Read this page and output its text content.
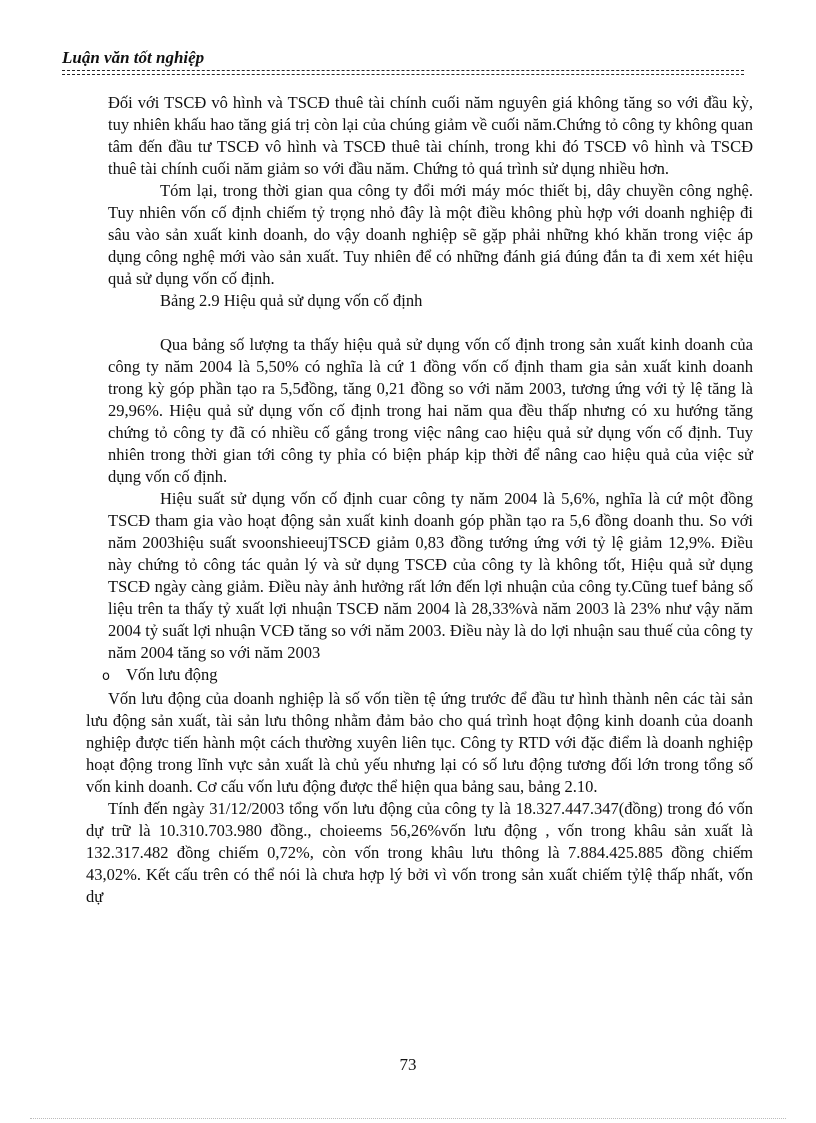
Luận văn tốt nghiệp

Đối với TSCĐ vô hình và TSCĐ thuê tài chính cuối năm nguyên giá không tăng so với đầu kỳ, tuy nhiên khấu hao tăng giá trị còn lại của chúng giảm về cuối năm.Chứng tỏ công ty không quan tâm đến đầu tư TSCĐ vô hình và TSCĐ thuê tài chính, trong khi đó TSCĐ vô hình và TSCĐ thuê tài chính cuối năm giảm so với đầu năm. Chứng tỏ quá trình sử dụng nhiều hơn.

Tóm lại, trong thời gian qua công ty đổi mới máy móc thiết bị, dây chuyền công nghệ. Tuy nhiên vốn cố định chiếm tỷ trọng nhỏ đây là một điều không phù hợp với doanh nghiệp đi sâu vào sản xuất kinh doanh, do vậy doanh nghiệp sẽ gặp phải những khó khăn trong việc áp dụng công nghệ mới vào sản xuất. Tuy nhiên để có những đánh giá đúng đắn ta đi xem xét hiệu quả sử dụng vốn cố định.

Bảng 2.9 Hiệu quả sử dụng vốn cố định

Qua bảng số lượng ta thấy hiệu quả sử dụng vốn cố định trong sản xuất kinh doanh của công ty năm 2004 là 5,50% có nghĩa là cứ 1 đồng vốn cố định tham gia sản xuất kinh doanh trong kỳ góp phần tạo ra 5,5đồng, tăng 0,21 đồng so với năm 2003, tương ứng với tỷ lệ tăng là 29,96%. Hiệu quả sử dụng vốn cố định trong hai năm qua đều thấp nhưng có xu hướng tăng chứng tỏ công ty đã có nhiều cố gắng trong việc nâng cao hiệu quả sử dụng vốn cố định. Tuy nhiên trong thời gian tới công ty phỉa có biện pháp kịp thời để nâng cao hiệu quả của việc sử dụng vốn cố định.

Hiệu suất sử dụng vốn cố định cuar công ty năm 2004 là 5,6%, nghĩa là cứ một đồng TSCĐ tham gia vào hoạt động sản xuất kinh doanh góp phần tạo ra 5,6 đồng doanh thu. So với năm 2003hiệu suất svoonshieeujTSCĐ giảm 0,83 đồng tướng ứng với tỷ lệ giảm 12,9%. Điều này chứng tỏ công tác quản lý và sử dụng TSCĐ của công ty là không tốt, Hiệu quả sử dụng TSCĐ ngày càng giảm. Điều này ảnh hưởng rất lớn đến lợi nhuận của công ty.Cũng tuef bảng số liệu trên ta thấy tỷ xuất lợi nhuận TSCĐ năm 2004 là 28,33%và năm 2003 là 23% như vậy năm 2004 tỷ suất lợi nhuận VCĐ tăng so với năm 2003. Điều này là do lợi nhuận sau thuế của công ty năm 2004 tăng so với năm 2003

o Vốn lưu động

Vốn lưu động của doanh nghiệp là số vốn tiền tệ ứng trước để đầu tư hình thành nên các tài sản lưu động sản xuất, tài sản lưu thông nhằm đảm bảo cho quá trình hoạt động kinh doanh của doanh nghiệp được tiến hành một cách thường xuyên liên tục. Công ty RTD với đặc điểm là doanh nghiệp hoạt động trong lĩnh vực sản xuất là chủ yếu nhưng lại có số lưu động tương đối lớn trong tổng số vốn kinh doanh. Cơ cấu vốn lưu động được thể hiện qua bảng sau, bảng 2.10.

Tính đến ngày 31/12/2003 tổng vốn lưu động của công ty là 18.327.447.347(đồng) trong đó vốn dự trữ là 10.310.703.980 đồng., choieems 56,26%vốn lưu động , vốn trong khâu sản xuất là 132.317.482 đồng chiếm 0,72%, còn vốn trong khâu lưu thông là 7.884.425.885 đồng chiếm 43,02%. Kết cấu trên có thể nói là chưa hợp lý bởi vì vốn trong sản xuất chiếm tỷlệ thấp nhất, vốn dự

73
